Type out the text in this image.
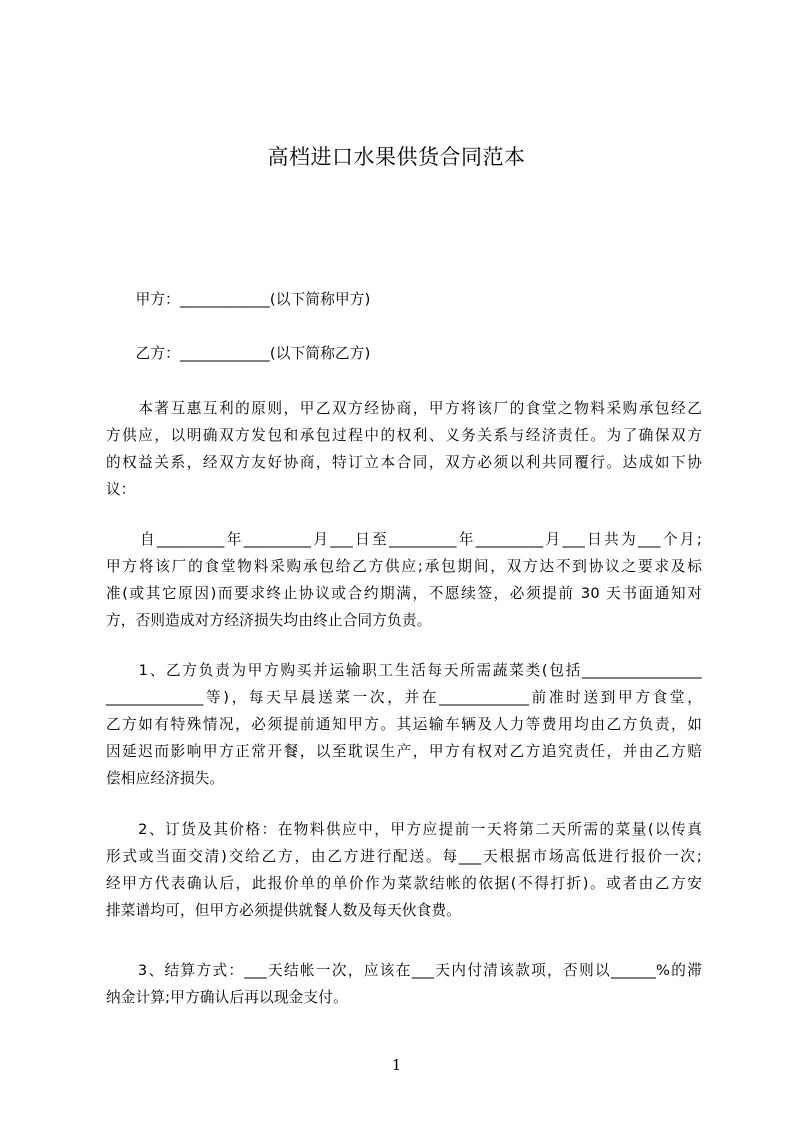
高档进口水果供货合同范本
　　甲方：____________(以下简称甲方)
　　乙方：____________(以下简称乙方)
　　本著互惠互利的原则，甲乙双方经协商，甲方将该厂的食堂之物料采购承包经乙
方供应，以明确双方发包和承包过程中的权利、义务关系与经济责任。为了确保双方
的权益关系，经双方友好协商，特订立本合同，双方必须以利共同覆行。达成如下协
议：
　　自_________年_________月___日至_________年_________月___日共为___个月;
甲方将该厂的食堂物料采购承包给乙方供应;承包期间，双方达不到协议之要求及标
准(或其它原因)而要求终止协议或合约期满，不愿续签，必须提前 30 天书面通知对
方，否则造成对方经济损失均由终止合同方负责。
　　1、乙方负责为甲方购买并运输职工生活每天所需蔬菜类(包括________________
_____________等)，每天早晨送菜一次，并在____________前准时送到甲方食堂，
乙方如有特殊情况，必须提前通知甲方。其运输车辆及人力等费用均由乙方负责，如
因延迟而影响甲方正常开餐，以至耽误生产，甲方有权对乙方追究责任，并由乙方赔
偿相应经济损失。
　　2、订货及其价格：在物料供应中，甲方应提前一天将第二天所需的菜量(以传真
形式或当面交清)交给乙方，由乙方进行配送。每___天根据市场高低进行报价一次;
经甲方代表确认后，此报价单的单价作为菜款结帐的依据(不得打折)。或者由乙方安
排菜谱均可，但甲方必须提供就餐人数及每天伙食费。
　　3、结算方式：___天结帐一次，应该在___天内付清该款项，否则以______%的滞
纳金计算;甲方确认后再以现金支付。
1
